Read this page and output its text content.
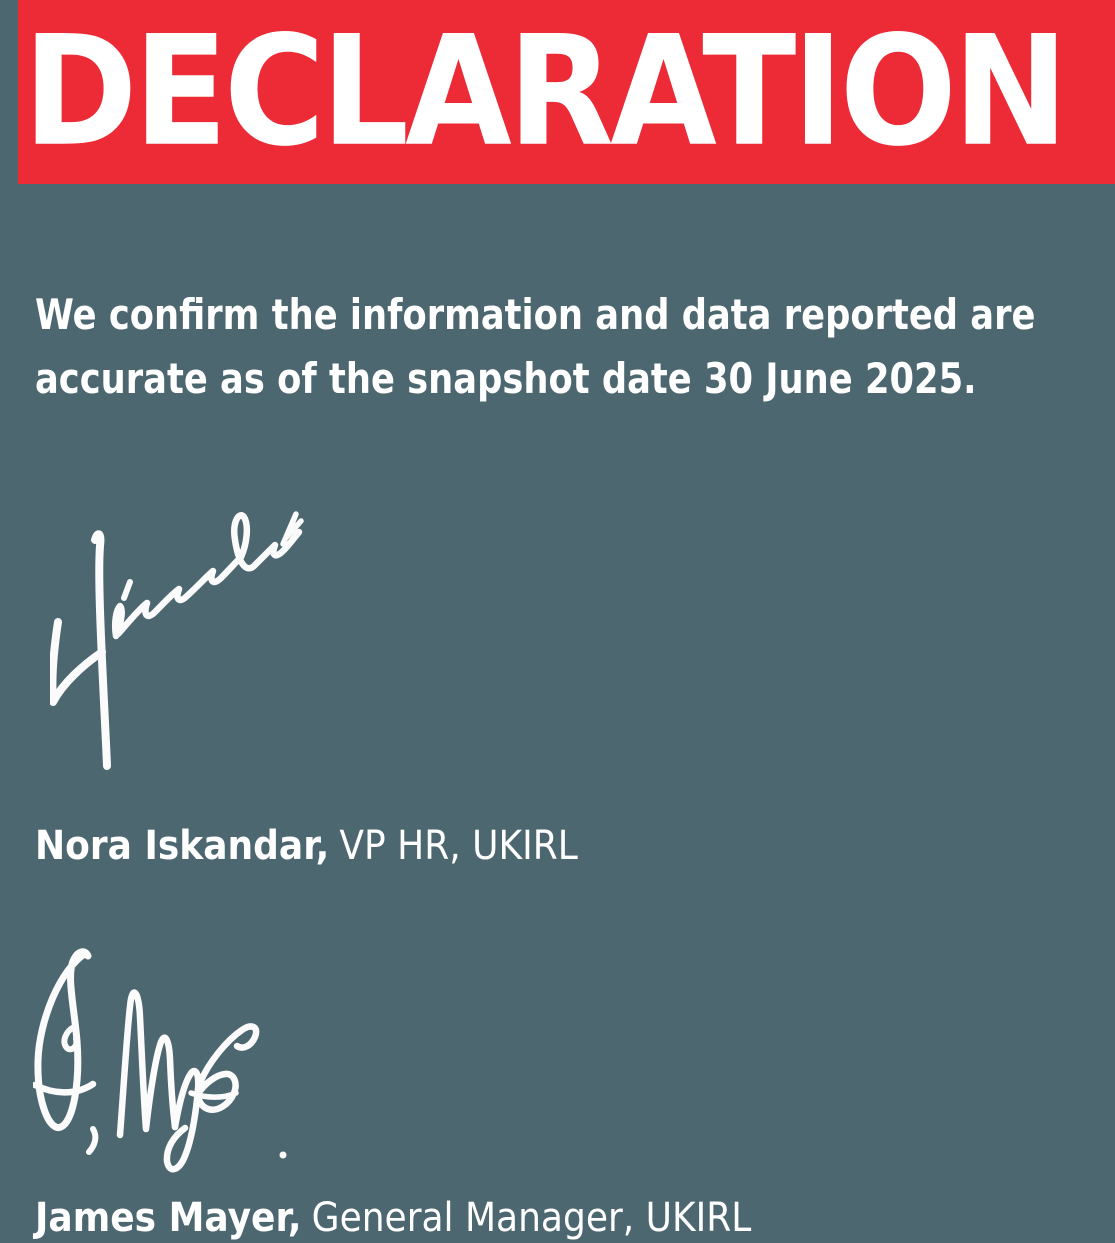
DECLARATION
We confirm the information and data reported are
accurate as of the snapshot date 30 June 2025.
Nora Iskandar, VP HR, UKIRL
James Mayer, General Manager, UKIRL
